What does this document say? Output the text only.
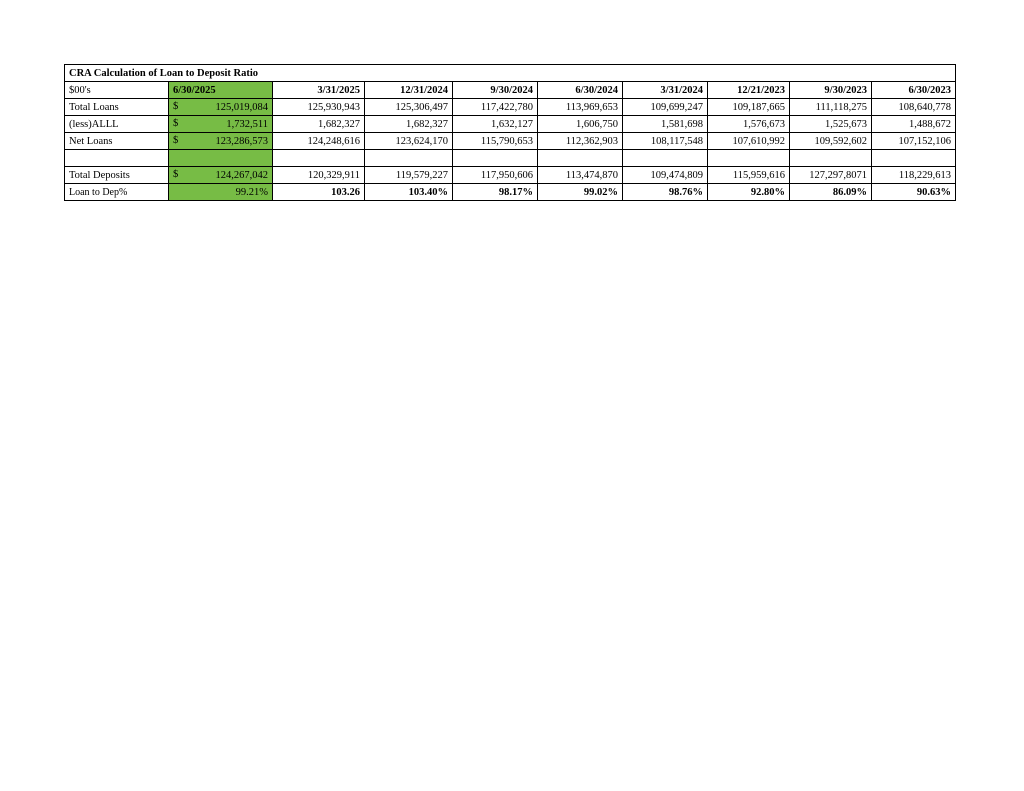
CRA Calculation of Loan to Deposit Ratio									
$00's	6/30/2025	3/31/2025	12/31/2024	9/30/2024	6/30/2024	3/31/2024	12/21/2023	9/30/2023	6/30/2023
Total Loans	$ 125,019,084	125,930,943	125,306,497	117,422,780	113,969,653	109,699,247	109,187,665	111,118,275	108,640,778
(less)ALLL	$ 1,732,511	1,682,327	1,682,327	1,632,127	1,606,750	1,581,698	1,576,673	1,525,673	1,488,672
Net Loans	$ 123,286,573	124,248,616	123,624,170	115,790,653	112,362,903	108,117,548	107,610,992	109,592,602	107,152,106

Total Deposits	$ 124,267,042	120,329,911	119,579,227	117,950,606	113,474,870	109,474,809	115,959,616	127,297,8071	118,229,613
Loan to Dep%	99.21%	103.26	103.40%	98.17%	99.02%	98.76%	92.80%	86.09%	90.63%
